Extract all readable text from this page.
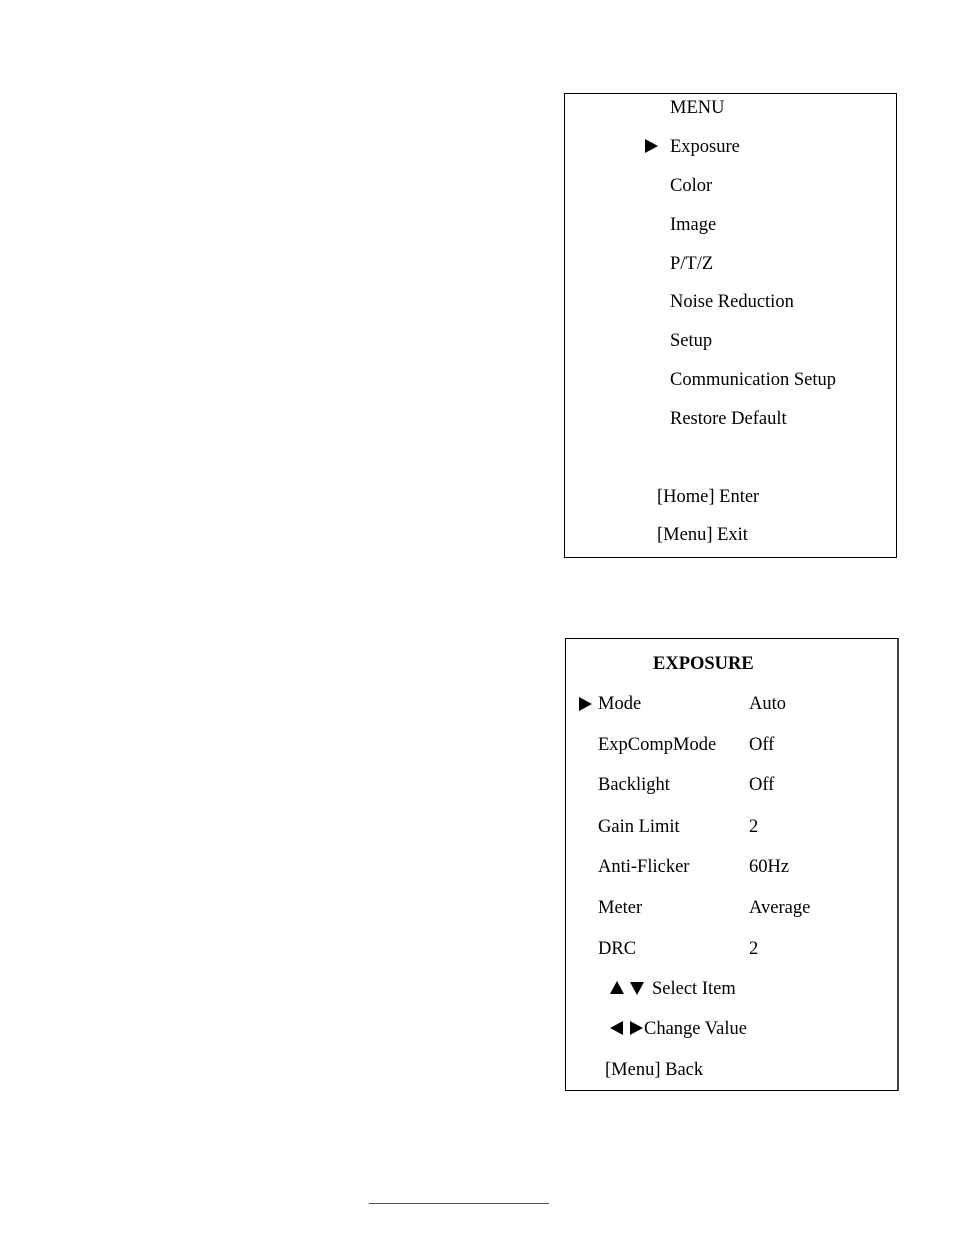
MENU
Exposure
Color
Image
P/T/Z
Noise Reduction
Setup
Communication Setup
Restore Default
[Home] Enter
[Menu] Exit
EXPOSURE
Mode	Auto
ExpCompMode Off
Backlight	Off
Gain Limit	2
Anti-Flicker	60Hz
Meter	Average
DRC	2
Select Item
Change Value
[Menu] Back
